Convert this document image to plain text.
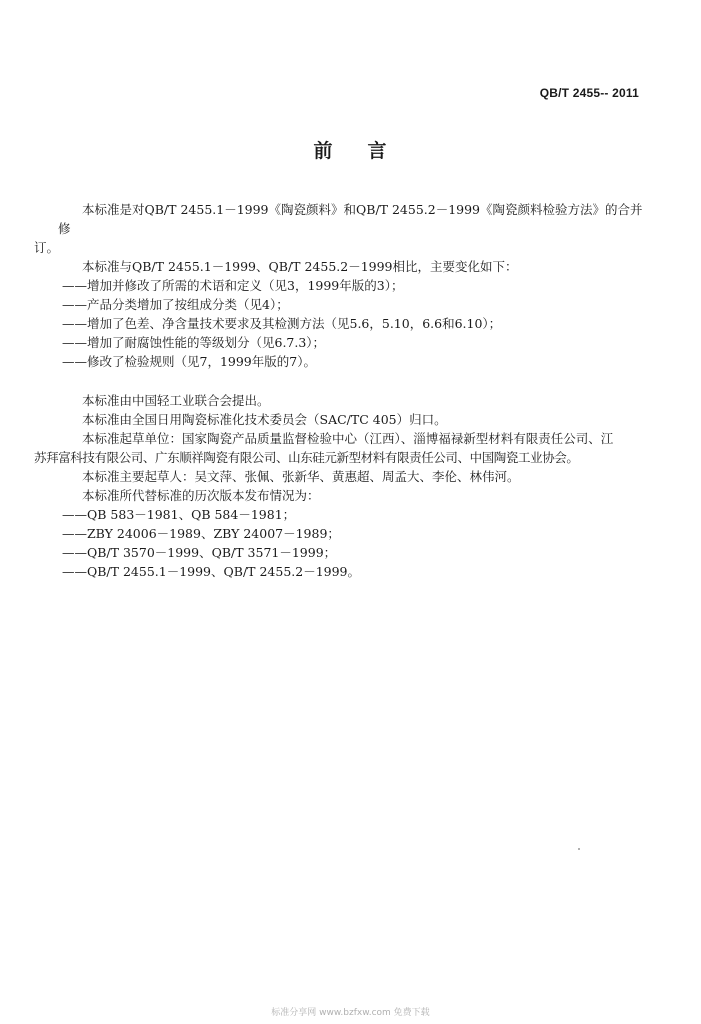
QB/T 2455-- 2011
前 言

本标准是对QB/T 2455.1－1999《陶瓷颜料》和QB/T 2455.2－1999《陶瓷颜料检验方法》的合并修

订。

本标准与QB/T 2455.1－1999、QB/T 2455.2－1999相比，主要变化如下：

——增加并修改了所需的术语和定义（见3，1999年版的3）；

——产品分类增加了按组成分类（见4）；

——增加了色差、净含量技术要求及其检测方法（见5.6，5.10，6.6和6.10）；

——增加了耐腐蚀性能的等级划分（见6.7.3）；

——修改了检验规则（见7，1999年版的7）。

本标准由中国轻工业联合会提出。

本标准由全国日用陶瓷标准化技术委员会（SAC/TC 405）归口。

本标准起草单位：国家陶瓷产品质量监督检验中心（江西）、淄博福禄新型材料有限责任公司、江

苏拜富科技有限公司、广东顺祥陶瓷有限公司、山东硅元新型材料有限责任公司、中国陶瓷工业协会。

本标准主要起草人：吴文萍、张佩、张新华、黄惠超、周孟大、李伦、林伟河。

本标准所代替标准的历次版本发布情况为：

——QB 583－1981、QB 584－1981；

——ZBY 24006－1989、ZBY 24007－1989；

——QB/T 3570－1999、QB/T 3571－1999；

——QB/T 2455.1－1999、QB/T 2455.2－1999。

标准分享网 www.bzfxw.com 免费下载
